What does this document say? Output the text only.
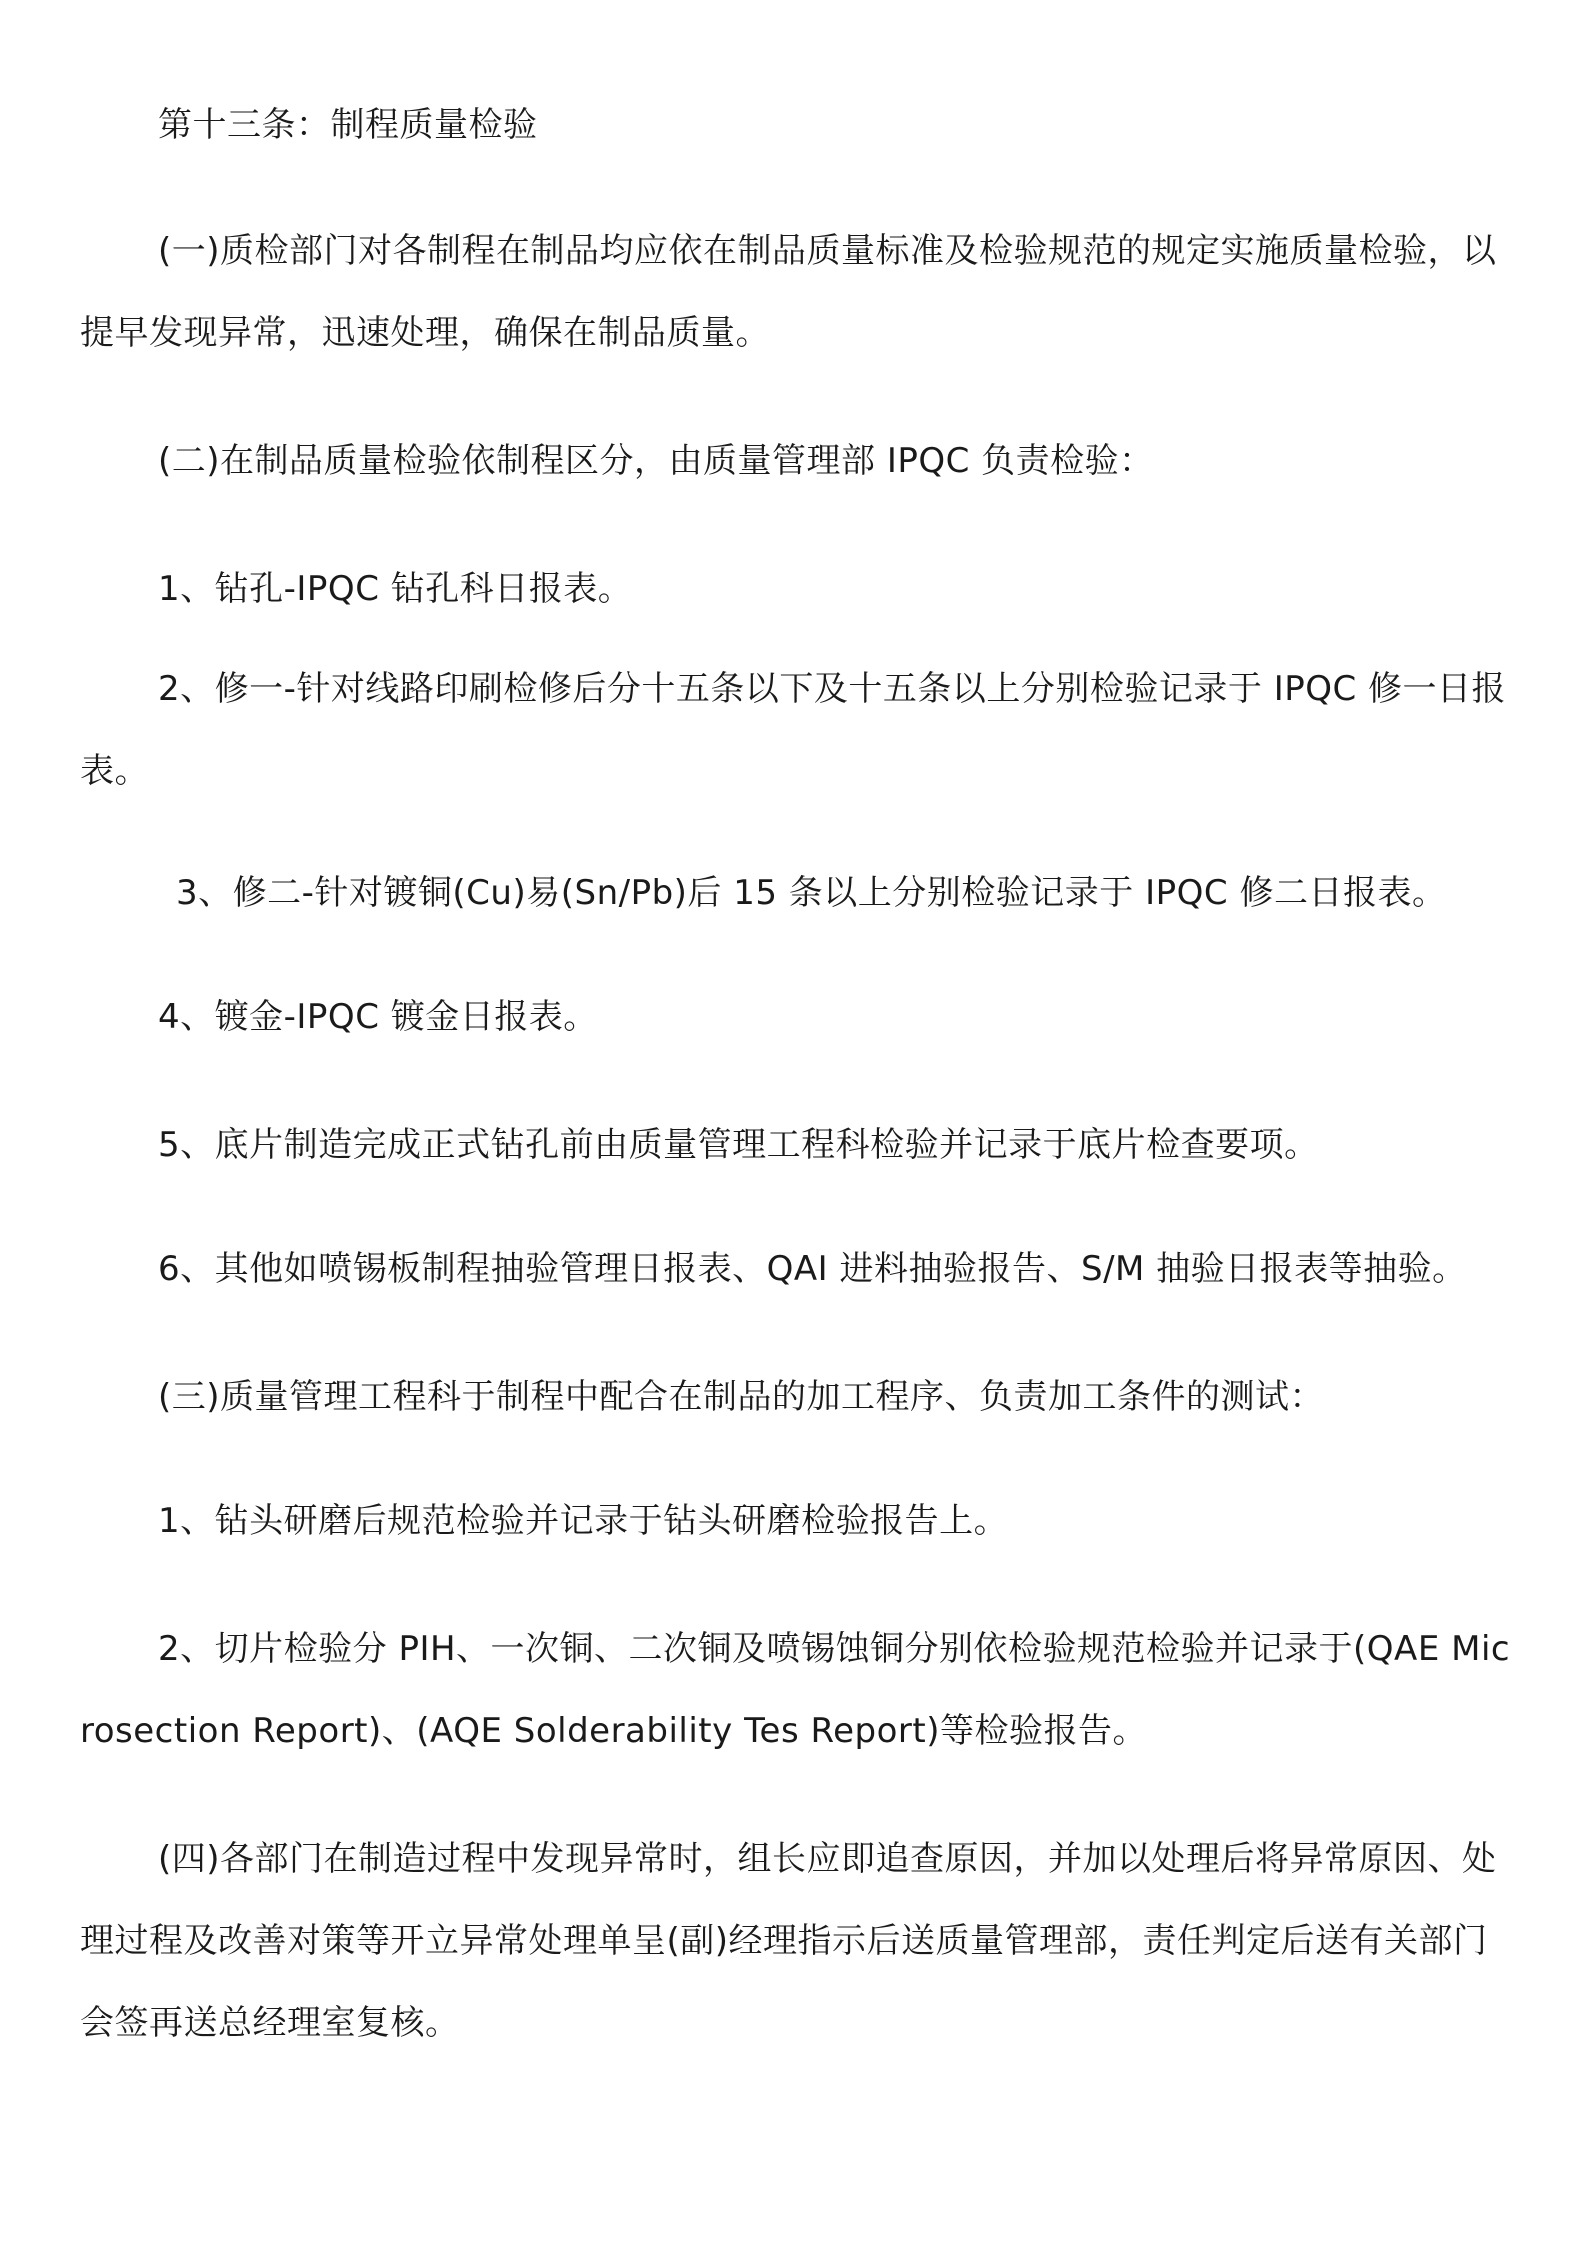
第十三条：制程质量检验
(一)质检部门对各制程在制品均应依在制品质量标准及检验规范的规定实施质量检验，以提早发现异常，迅速处理，确保在制品质量。
(二)在制品质量检验依制程区分，由质量管理部 IPQC 负责检验：
1、钻孔-IPQC 钻孔科日报表。
2、修一-针对线路印刷检修后分十五条以下及十五条以上分别检验记录于 IPQC 修一日报表。
3、修二-针对镀铜(Cu)易(Sn/Pb)后 15 条以上分别检验记录于 IPQC 修二日报表。
4、镀金-IPQC 镀金日报表。
5、底片制造完成正式钻孔前由质量管理工程科检验并记录于底片检查要项。
6、其他如喷锡板制程抽验管理日报表、QAI 进料抽验报告、S/M 抽验日报表等抽验。
(三)质量管理工程科于制程中配合在制品的加工程序、负责加工条件的测试：
1、钻头研磨后规范检验并记录于钻头研磨检验报告上。
2、切片检验分 PIH、一次铜、二次铜及喷锡蚀铜分别依检验规范检验并记录于(QAE Microsection Report)、(AQE Solderability Tes Report)等检验报告。
(四)各部门在制造过程中发现异常时，组长应即追查原因，并加以处理后将异常原因、处理过程及改善对策等开立异常处理单呈(副)经理指示后送质量管理部，责任判定后送有关部门会签再送总经理室复核。
